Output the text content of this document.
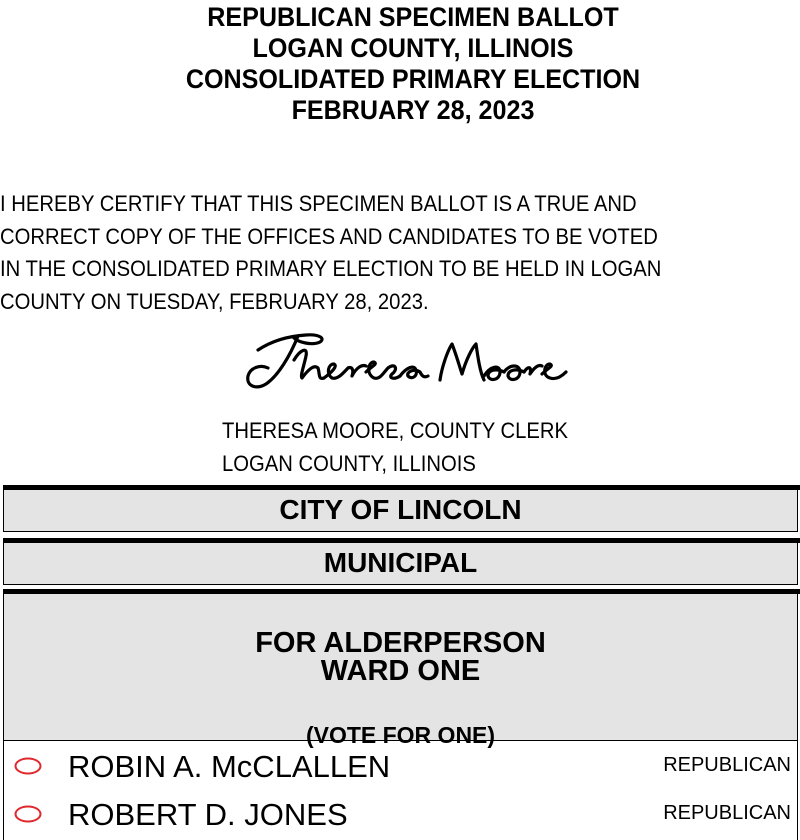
REPUBLICAN SPECIMEN BALLOT
LOGAN COUNTY, ILLINOIS
CONSOLIDATED PRIMARY ELECTION
FEBRUARY 28, 2023
I HEREBY CERTIFY THAT THIS SPECIMEN BALLOT IS A TRUE AND
CORRECT COPY OF THE OFFICES AND CANDIDATES TO BE VOTED
IN THE CONSOLIDATED PRIMARY ELECTION TO BE HELD IN LOGAN
COUNTY ON TUESDAY, FEBRUARY 28, 2023.
THERESA MOORE, COUNTY CLERK
LOGAN COUNTY, ILLINOIS
CITY OF LINCOLN
MUNICIPAL
FOR ALDERPERSON
WARD ONE
(VOTE FOR ONE)
ROBIN A. McCLALLEN	REPUBLICAN
ROBERT D. JONES	REPUBLICAN
